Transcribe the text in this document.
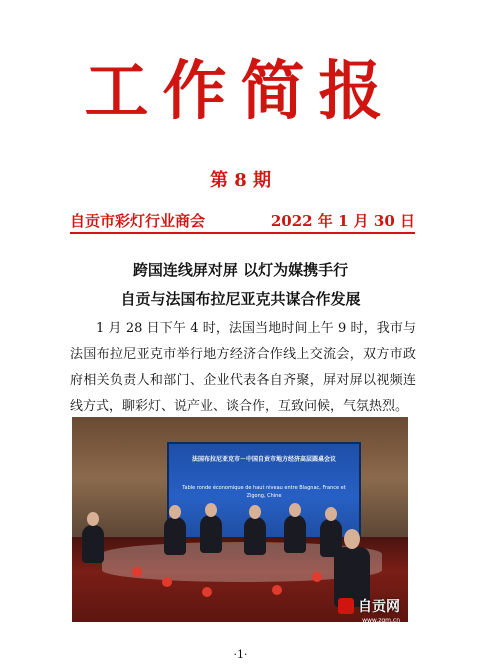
工作简报
第 8 期
自贡市彩灯行业商会	2022 年 1 月 30 日
跨国连线屏对屏 以灯为媒携手行
自贡与法国布拉尼亚克共谋合作发展
1 月 28 日下午 4 时，法国当地时间上午 9 时，我市与法国布拉尼亚克市举行地方经济合作线上交流会，双方市政府相关负责人和部门、企业代表各自齐聚，屏对屏以视频连线方式，聊彩灯、说产业、谈合作，互致问候，气氛热烈。
法国布拉尼亚克市－中国自贡市地方经济高层圆桌会议
Table ronde économique de haut niveau entre Blagnac, France et Zigong, Chine
自贡网
www.zgm.cn
·1·
